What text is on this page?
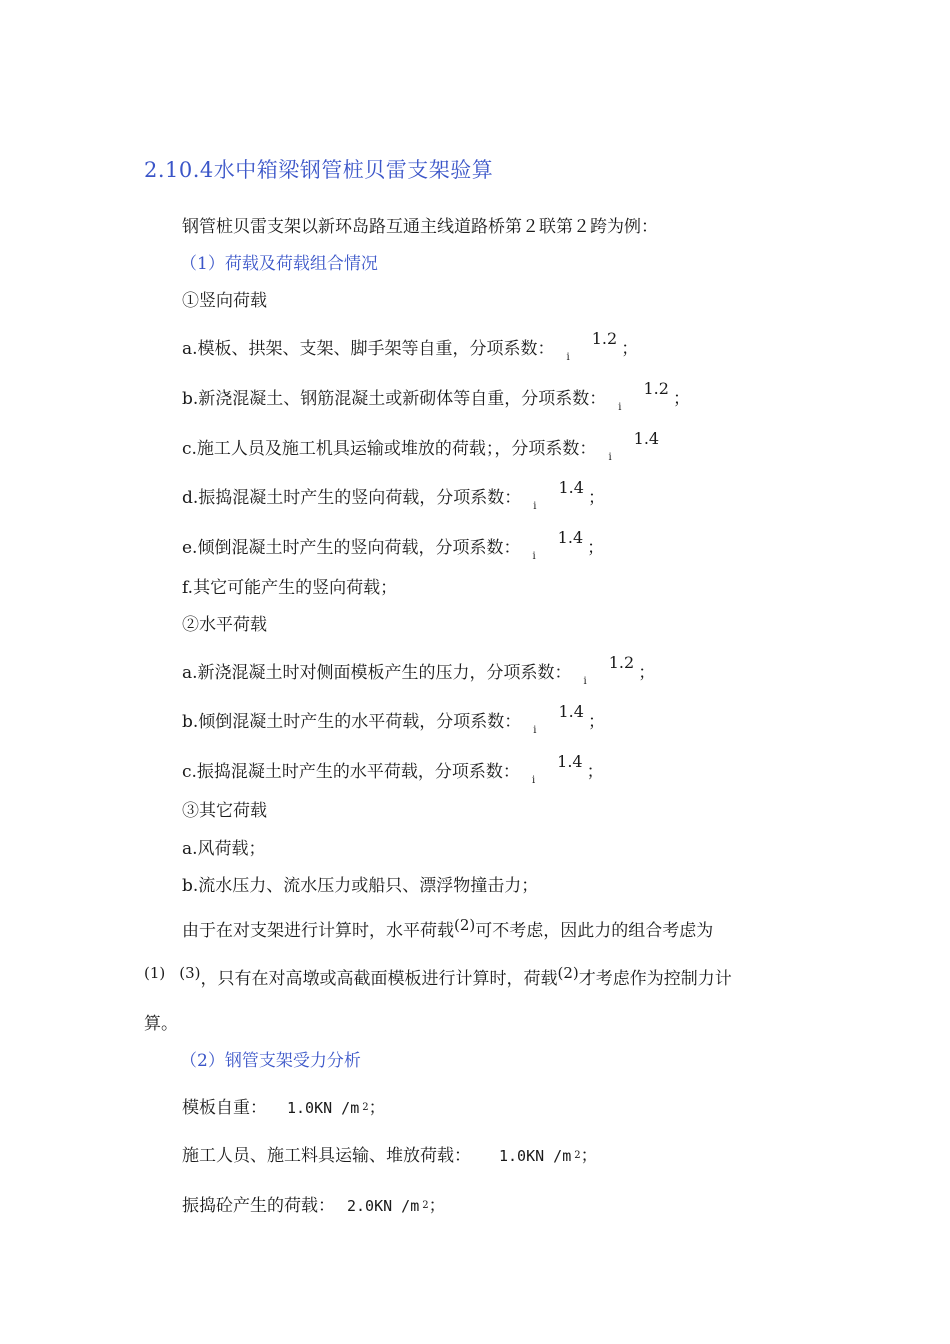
2.10.4水中箱梁钢管桩贝雷支架验算
钢管桩贝雷支架以新环岛路互通主线道路桥第２联第２跨为例：
（1）荷载及荷载组合情况
①竖向荷载
a.模板、拱架、支架、脚手架等自重，分项系数： $_i$1.2；
b.新浇混凝土、钢筋混凝土或新砌体等自重，分项系数： $_i$1.2；
c.施工人员及施工机具运输或堆放的荷载；，分项系数： $_i$1.4
d.振捣混凝土时产生的竖向荷载，分项系数： $_i$1.4；
e.倾倒混凝土时产生的竖向荷载，分项系数： $_i$1.4；
f.其它可能产生的竖向荷载；
②水平荷载
a.新浇混凝土时对侧面模板产生的压力，分项系数： $_i$1.2；
b.倾倒混凝土时产生的水平荷载，分项系数： $_i$1.4；
c.振捣混凝土时产生的水平荷载，分项系数： $_i$1.4；
③其它荷载
a.风荷载；
b.流水压力、流水压力或船只、漂浮物撞击力；
由于在对支架进行计算时，水平荷载(2)可不考虑，因此力的组合考虑为
(1) (3)，只有在对高墩或高截面模板进行计算时，荷载(2)才考虑作为控制力计
算。
（2）钢管支架受力分析
模板自重： 1.0KN /m 2；
施工人员、施工料具运输、堆放荷载： 1.0KN /m 2；
振捣砼产生的荷载： 2.0KN /m 2；
